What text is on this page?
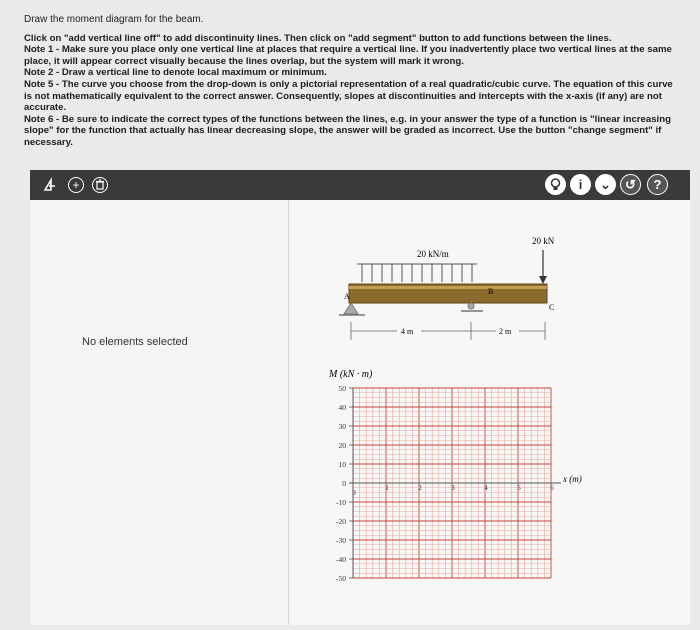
Draw the moment diagram for the beam.

Click on "add vertical line off" to add discontinuity lines. Then click on "add segment" button to add functions between the lines.

Note 1 - Make sure you place only one vertical line at places that require a vertical line. If you inadvertently place two vertical lines at the same place, it will appear correct visually because the lines overlap, but the system will mark it wrong.

Note 2 - Draw a vertical line to denote local maximum or minimum.

Note 5 - The curve you choose from the drop-down is only a pictorial representation of a real quadratic/cubic curve. The equation of this curve is not mathematically equivalent to the correct answer. Consequently, slopes at discontinuities and intercepts with the x-axis (if any) are not accurate.

Note 6 - Be sure to indicate the correct types of the functions between the lines, e.g. in your answer the type of a function is "linear increasing slope" for the function that actually has linear decreasing slope, the answer will be graded as incorrect. Use the button "change segment" if necessary.

+	i	⌄	↺	?
No elements selected
20 kN/m
20 kN
A
B
C
4 m	2 m
M (kN · m)
x (m)
50
40
30
20
10
0
-10
-20
-30
-40
-50
0
1	2	3	4	5	6
